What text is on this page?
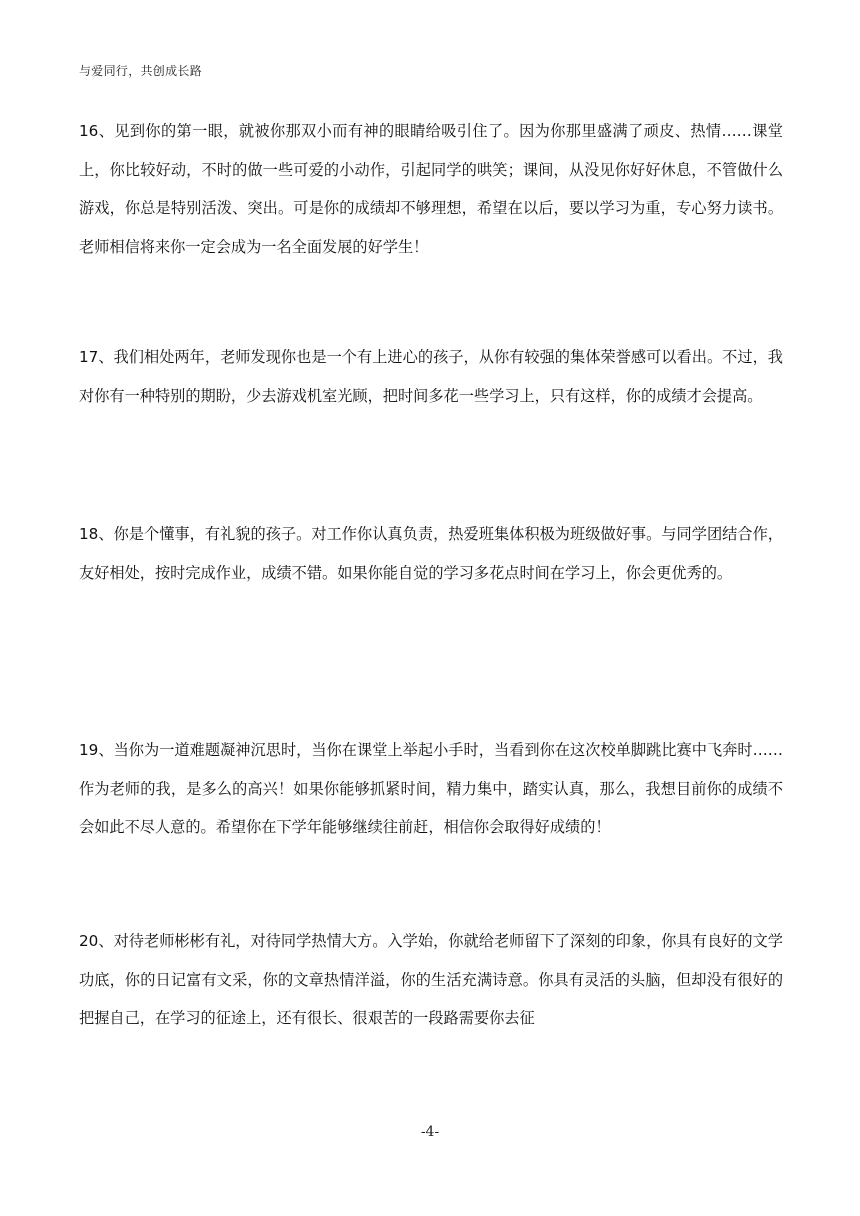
与爱同行，共创成长路
16、见到你的第一眼，就被你那双小而有神的眼睛给吸引住了。因为你那里盛满了顽皮、热情……课堂上，你比较好动，不时的做一些可爱的小动作，引起同学的哄笑；课间，从没见你好好休息，不管做什么游戏，你总是特别活泼、突出。可是你的成绩却不够理想，希望在以后，要以学习为重，专心努力读书。老师相信将来你一定会成为一名全面发展的好学生！
17、我们相处两年，老师发现你也是一个有上进心的孩子，从你有较强的集体荣誉感可以看出。不过，我对你有一种特别的期盼，少去游戏机室光顾，把时间多花一些学习上，只有这样，你的成绩才会提高。
18、你是个懂事，有礼貌的孩子。对工作你认真负责，热爱班集体积极为班级做好事。与同学团结合作，友好相处，按时完成作业，成绩不错。如果你能自觉的学习多花点时间在学习上，你会更优秀的。
19、当你为一道难题凝神沉思时，当你在课堂上举起小手时，当看到你在这次校单脚跳比赛中飞奔时……作为老师的我，是多么的高兴！如果你能够抓紧时间，精力集中，踏实认真，那么，我想目前你的成绩不会如此不尽人意的。希望你在下学年能够继续往前赶，相信你会取得好成绩的！
20、对待老师彬彬有礼，对待同学热情大方。入学始，你就给老师留下了深刻的印象，你具有良好的文学功底，你的日记富有文采，你的文章热情洋溢，你的生活充满诗意。你具有灵活的头脑，但却没有很好的把握自己，在学习的征途上，还有很长、很艰苦的一段路需要你去征
-4-
